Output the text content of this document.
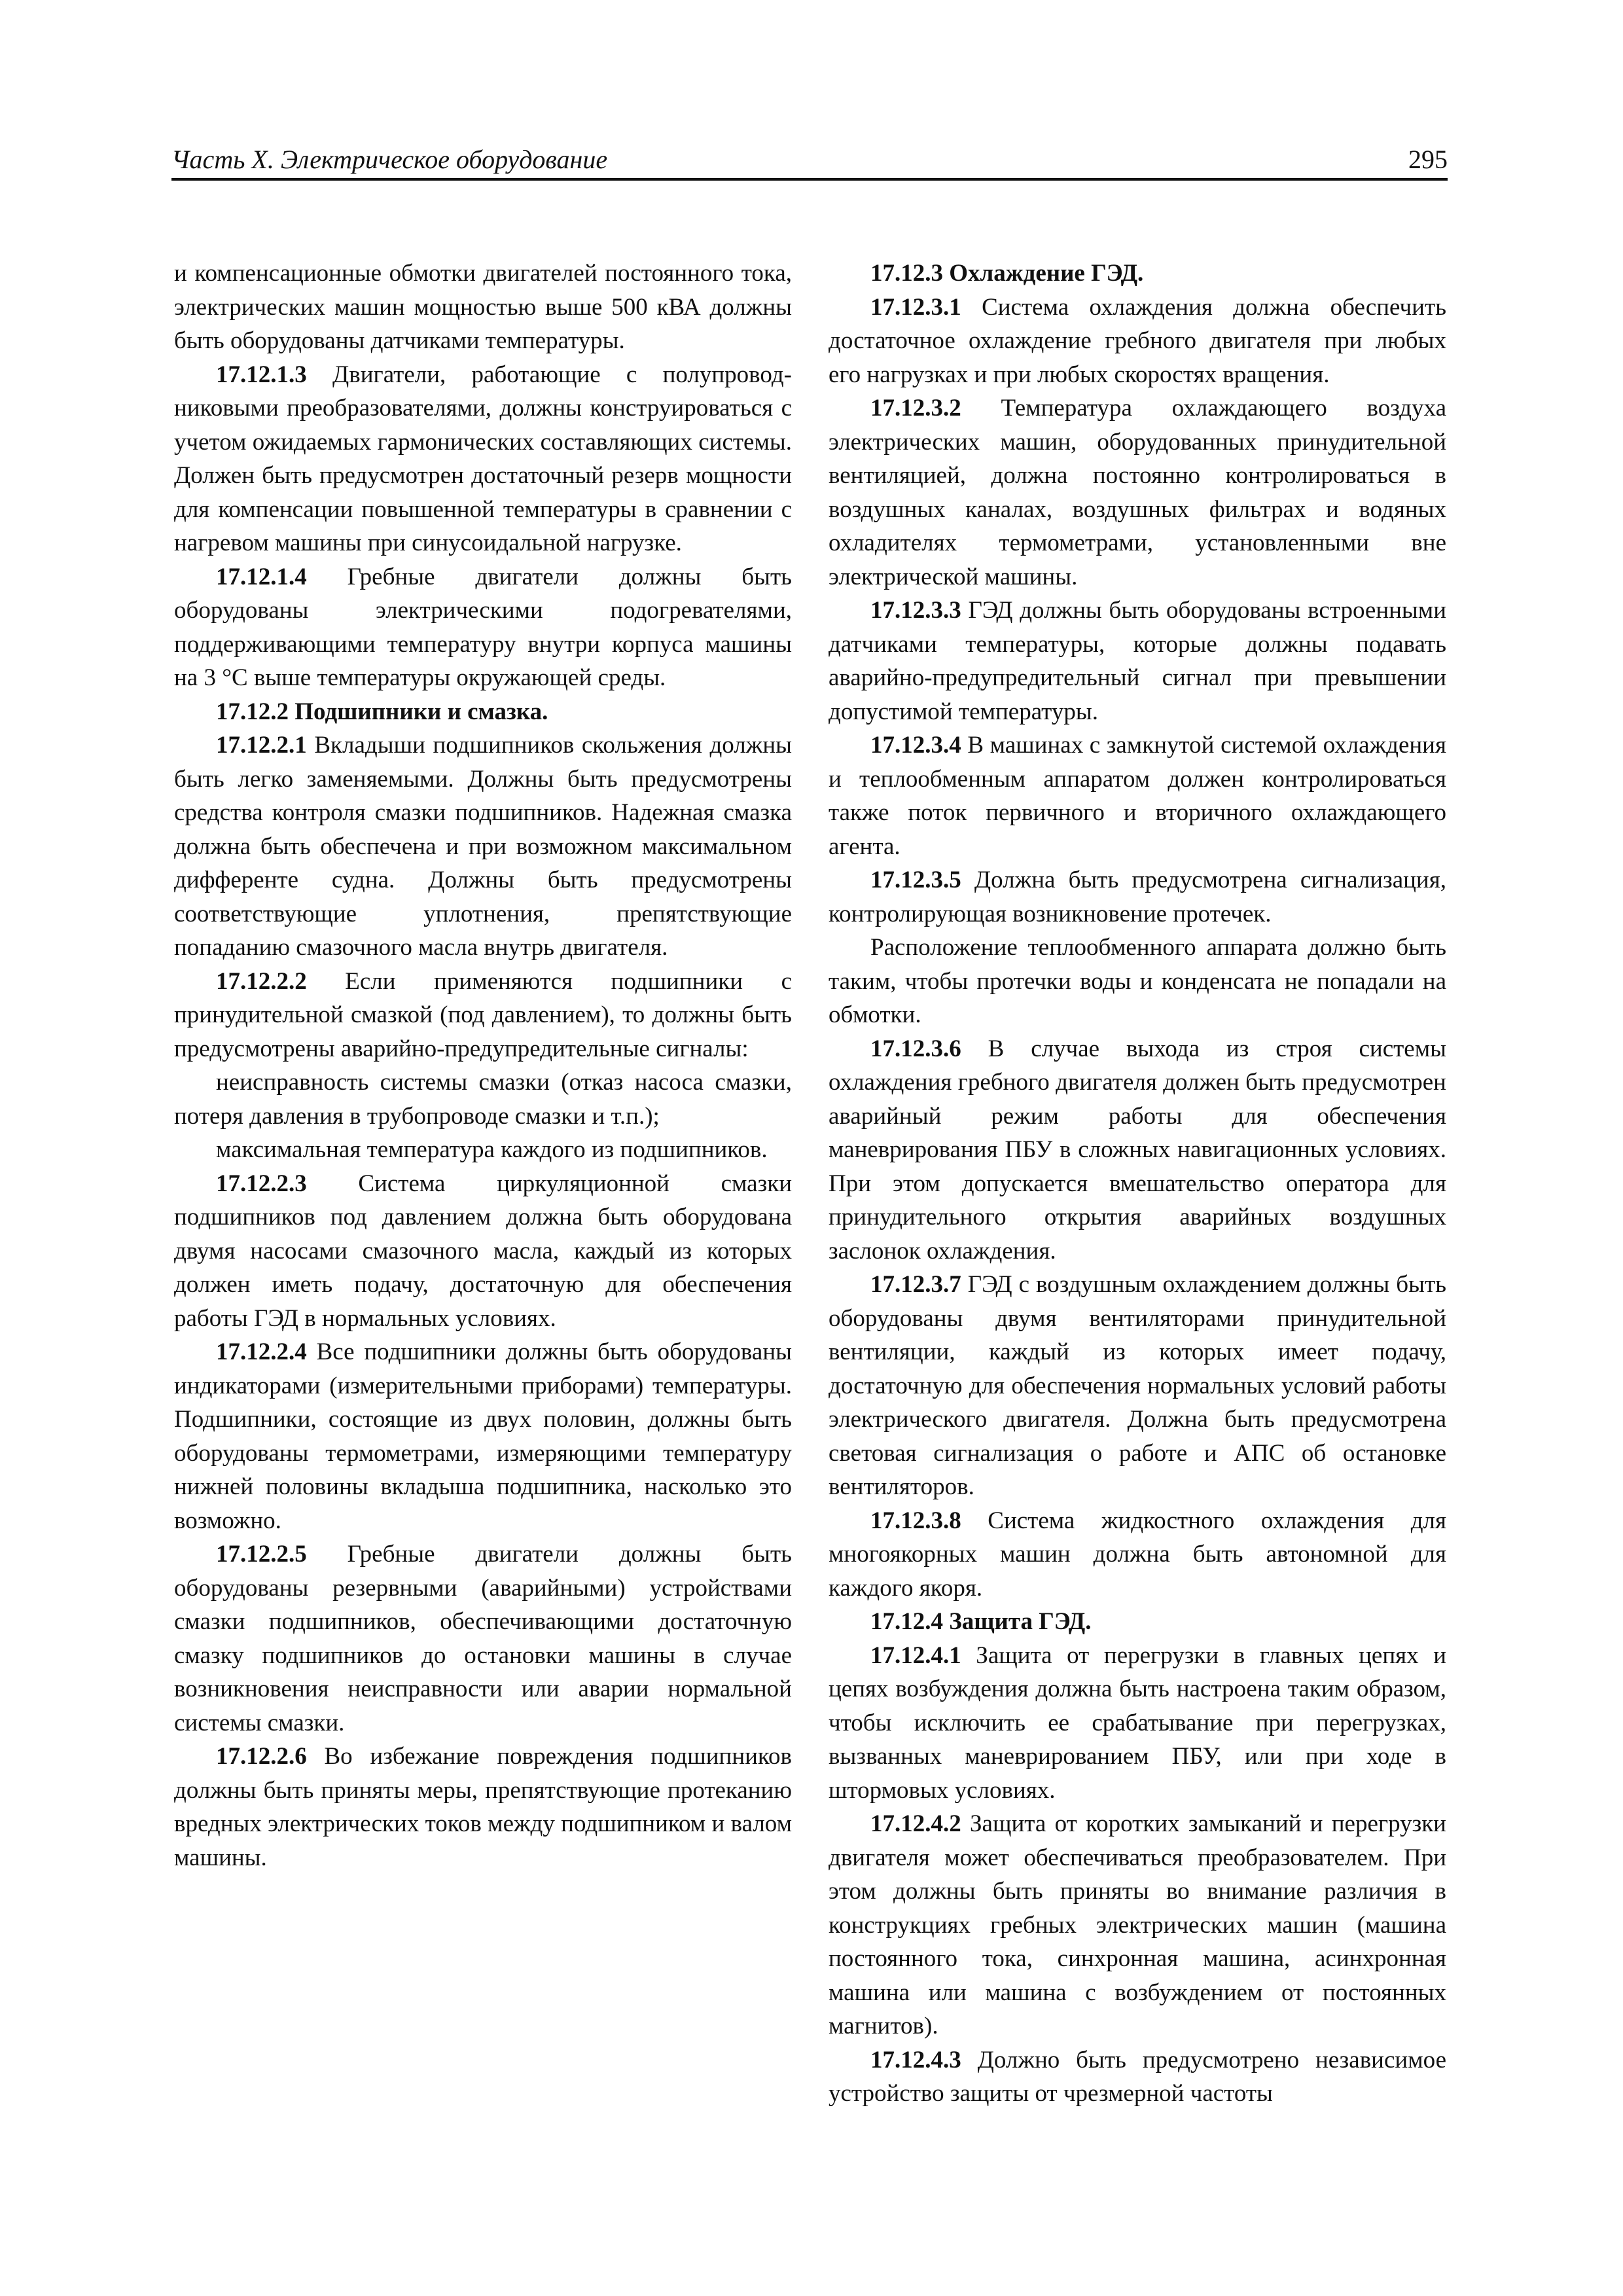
Часть X. Электрическое оборудование	295

и компенсационные обмотки двигателей постоянного тока, электрических машин мощностью выше 500 кВА должны быть оборудованы датчиками температуры.

17.12.1.3 Двигатели, работающие с полупроводниковыми преобразователями, должны конструироваться с учетом ожидаемых гармонических составляющих системы. Должен быть предусмотрен достаточный резерв мощности для компенсации повышенной температуры в сравнении с нагревом машины при синусоидальной нагрузке.

17.12.1.4 Гребные двигатели должны быть оборудованы электрическими подогревателями, поддерживающими температуру внутри корпуса машины на 3 °С выше температуры окружающей среды.

17.12.2 Подшипники и смазка.

17.12.2.1 Вкладыши подшипников скольжения должны быть легко заменяемыми. Должны быть предусмотрены средства контроля смазки подшипников. Надежная смазка должна быть обеспечена и при возможном максимальном дифференте судна. Должны быть предусмотрены соответствующие уплотнения, препятствующие попаданию смазочного масла внутрь двигателя.

17.12.2.2 Если применяются подшипники с принудительной смазкой (под давлением), то должны быть предусмотрены аварийно-предупредительные сигналы:

неисправность системы смазки (отказ насоса смазки, потеря давления в трубопроводе смазки и т.п.);

максимальная температура каждого из подшипников.

17.12.2.3 Система циркуляционной смазки подшипников под давлением должна быть оборудована двумя насосами смазочного масла, каждый из которых должен иметь подачу, достаточную для обеспечения работы ГЭД в нормальных условиях.

17.12.2.4 Все подшипники должны быть оборудованы индикаторами (измерительными приборами) температуры. Подшипники, состоящие из двух половин, должны быть оборудованы термометрами, измеряющими температуру нижней половины вкладыша подшипника, насколько это возможно.

17.12.2.5 Гребные двигатели должны быть оборудованы резервными (аварийными) устройствами смазки подшипников, обеспечивающими достаточную смазку подшипников до остановки машины в случае возникновения неисправности или аварии нормальной системы смазки.

17.12.2.6 Во избежание повреждения подшипников должны быть приняты меры, препятствующие протеканию вредных электрических токов между подшипником и валом машины.

17.12.3 Охлаждение ГЭД.

17.12.3.1 Система охлаждения должна обеспечить достаточное охлаждение гребного двигателя при любых его нагрузках и при любых скоростях вращения.

17.12.3.2 Температура охлаждающего воздуха электрических машин, оборудованных принудительной вентиляцией, должна постоянно контролироваться в воздушных каналах, воздушных фильтрах и водяных охладителях термометрами, установленными вне электрической машины.

17.12.3.3 ГЭД должны быть оборудованы встроенными датчиками температуры, которые должны подавать аварийно-предупредительный сигнал при превышении допустимой температуры.

17.12.3.4 В машинах с замкнутой системой охлаждения и теплообменным аппаратом должен контролироваться также поток первичного и вторичного охлаждающего агента.

17.12.3.5 Должна быть предусмотрена сигнализация, контролирующая возникновение протечек.

Расположение теплообменного аппарата должно быть таким, чтобы протечки воды и конденсата не попадали на обмотки.

17.12.3.6 В случае выхода из строя системы охлаждения гребного двигателя должен быть предусмотрен аварийный режим работы для обеспечения маневрирования ПБУ в сложных навигационных условиях. При этом допускается вмешательство оператора для принудительного открытия аварийных воздушных заслонок охлаждения.

17.12.3.7 ГЭД с воздушным охлаждением должны быть оборудованы двумя вентиляторами принудительной вентиляции, каждый из которых имеет подачу, достаточную для обеспечения нормальных условий работы электрического двигателя. Должна быть предусмотрена световая сигнализация о работе и АПС об остановке вентиляторов.

17.12.3.8 Система жидкостного охлаждения для многоякорных машин должна быть автономной для каждого якоря.

17.12.4 Защита ГЭД.

17.12.4.1 Защита от перегрузки в главных цепях и цепях возбуждения должна быть настроена таким образом, чтобы исключить ее срабатывание при перегрузках, вызванных маневрированием ПБУ, или при ходе в штормовых условиях.

17.12.4.2 Защита от коротких замыканий и перегрузки двигателя может обеспечиваться преобразователем. При этом должны быть приняты во внимание различия в конструкциях гребных электрических машин (машина постоянного тока, синхронная машина, асинхронная машина или машина с возбуждением от постоянных магнитов).

17.12.4.3 Должно быть предусмотрено независимое устройство защиты от чрезмерной частоты
